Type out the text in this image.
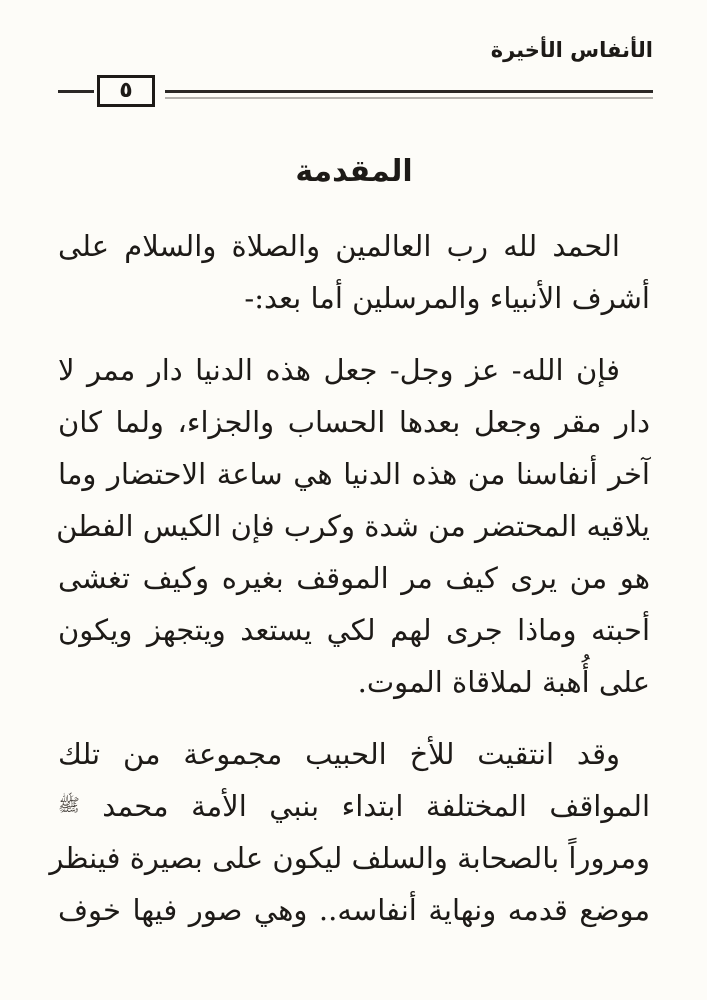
الأنفاس الأخيرة
٥
المقدمة
الحمد لله رب العالمين والصلاة والسلام على
أشرف الأنبياء والمرسلين أما بعد:-
فإن الله- عز وجل- جعل هذه الدنيا دار ممر لا
دار مقر وجعل بعدها الحساب والجزاء، ولما كان
آخر أنفاسنا من هذه الدنيا هي ساعة الاحتضار وما
يلاقيه المحتضر من شدة وكرب فإن الكيس الفطن
هو من يرى كيف مر الموقف بغيره وكيف تغشى
أحبته وماذا جرى لهم لكي يستعد ويتجهز ويكون
على أُهبة لملاقاة الموت.
وقد انتقيت للأخ الحبيب مجموعة من تلك
المواقف المختلفة ابتداء بنبي الأمة محمد $^ﷺ$
ومروراً بالصحابة والسلف ليكون على بصيرة فينظر
موضع قدمه ونهاية أنفاسه.. وهي صور فيها خوف
